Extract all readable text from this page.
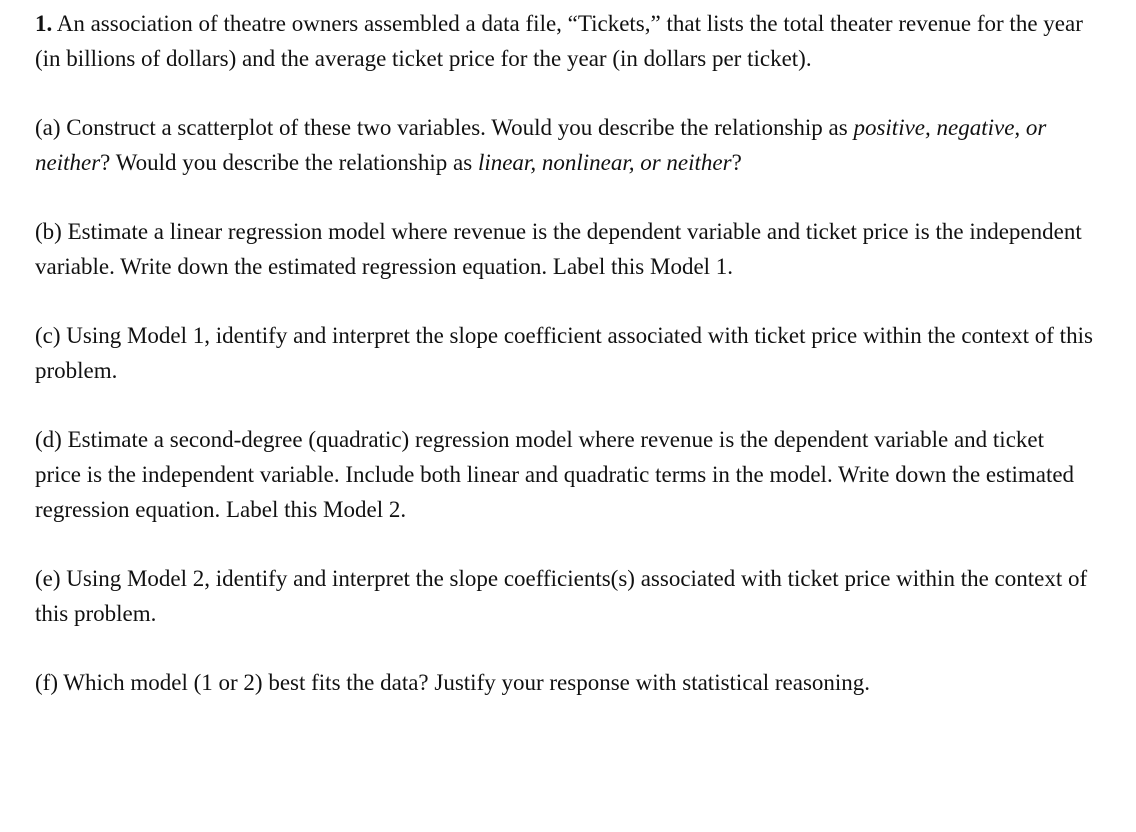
1. An association of theatre owners assembled a data file, “Tickets,” that lists the total theater revenue for the year (in billions of dollars) and the average ticket price for the year (in dollars per ticket).

(a) Construct a scatterplot of these two variables. Would you describe the relationship as positive, negative, or neither? Would you describe the relationship as linear, nonlinear, or neither?

(b) Estimate a linear regression model where revenue is the dependent variable and ticket price is the independent variable. Write down the estimated regression equation. Label this Model 1.

(c) Using Model 1, identify and interpret the slope coefficient associated with ticket price within the context of this problem.

(d) Estimate a second-degree (quadratic) regression model where revenue is the dependent variable and ticket price is the independent variable. Include both linear and quadratic terms in the model. Write down the estimated regression equation. Label this Model 2.

(e) Using Model 2, identify and interpret the slope coefficients(s) associated with ticket price within the context of this problem.

(f) Which model (1 or 2) best fits the data? Justify your response with statistical reasoning.
